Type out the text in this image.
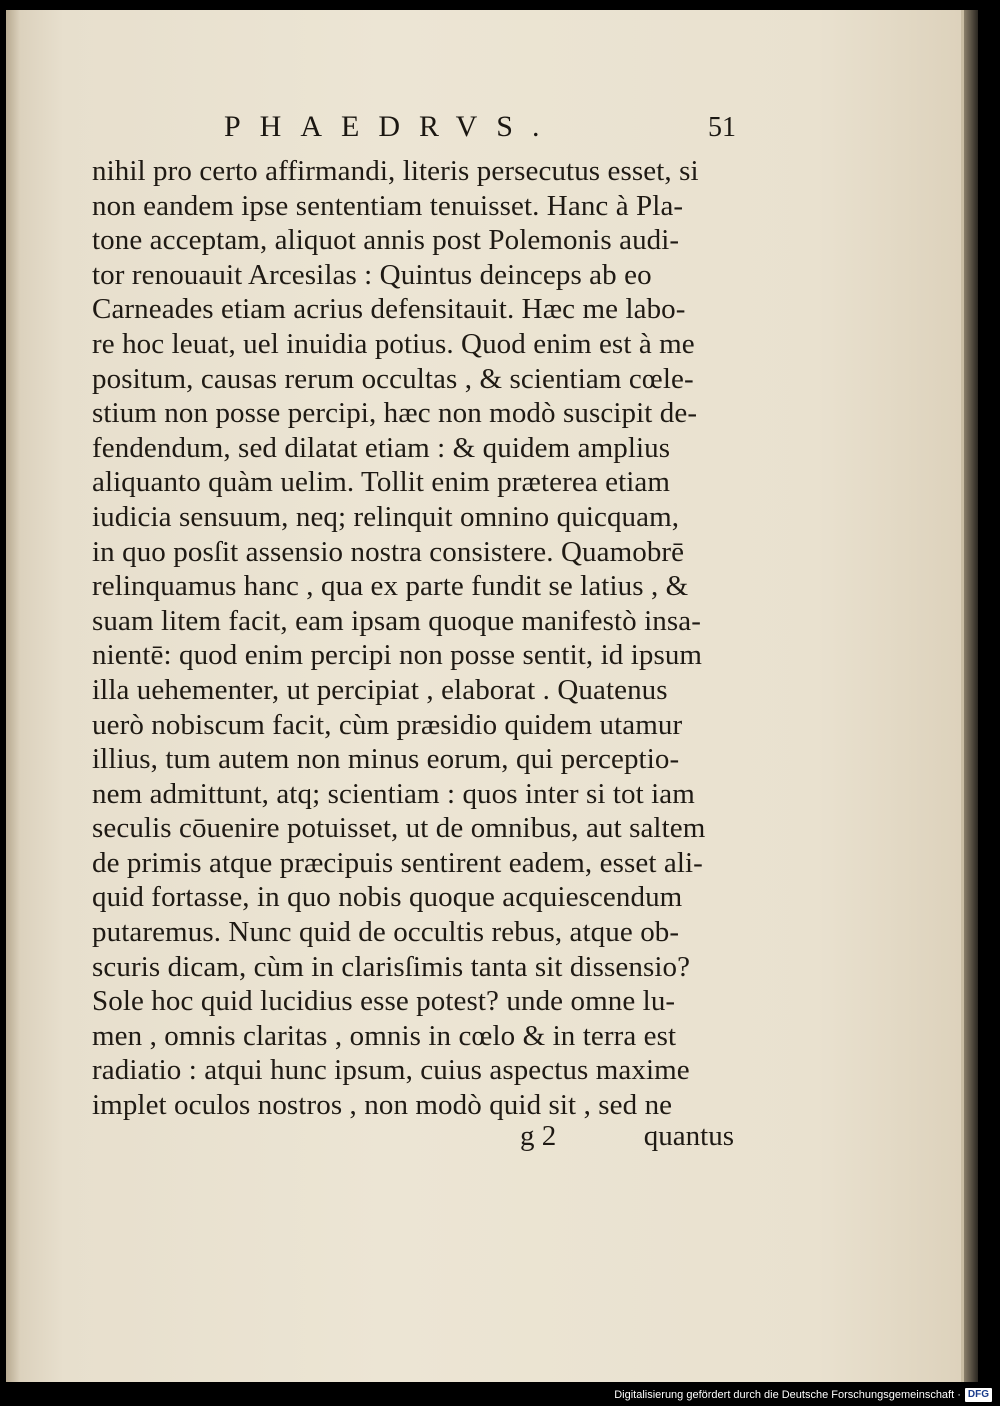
PHAEDRVS.	51
nihil pro certo affirmandi, literis persecutus esset, si
non eandem ipse sententiam tenuisset. Hanc à Pla-
tone acceptam, aliquot annis post Polemonis audi-
tor renouauit Arcesilas : Quintus deinceps ab eo
Carneades etiam acrius defensitauit. Hæc me labo-
re hoc leuat, uel inuidia potius. Quod enim est à me
positum, causas rerum occultas , & scientiam cœle-
stium non posse percipi, hæc non modò suscipit de-
fendendum, sed dilatat etiam : & quidem amplius
aliquanto quàm uelim. Tollit enim præterea etiam
iudicia sensuum, neq; relinquit omnino quicquam,
in quo posſit assensio nostra consistere. Quamobrē
relinquamus hanc , qua ex parte fundit se latius , &
suam litem facit, eam ipsam quoque manifestò insa-
nientē: quod enim percipi non posse sentit, id ipsum
illa uehementer, ut percipiat , elaborat . Quatenus
uerò nobiscum facit, cùm præsidio quidem utamur
illius, tum autem non minus eorum, qui perceptio-
nem admittunt, atq; scientiam : quos inter si tot iam
seculis cōuenire potuisset, ut de omnibus, aut saltem
de primis atque præcipuis sentirent eadem, esset ali-
quid fortasse, in quo nobis quoque acquiescendum
putaremus. Nunc quid de occultis rebus, atque ob-
scuris dicam, cùm in clarisſimis tanta sit dissensio?
Sole hoc quid lucidius esse potest? unde omne lu-
men , omnis claritas , omnis in cœlo & in terra est
radiatio : atqui hunc ipsum, cuius aspectus maxime
implet oculos nostros , non modò quid sit , sed ne
g 2	quantus
Digitalisierung gefördert durch die Deutsche Forschungsgemeinschaft · DFG
